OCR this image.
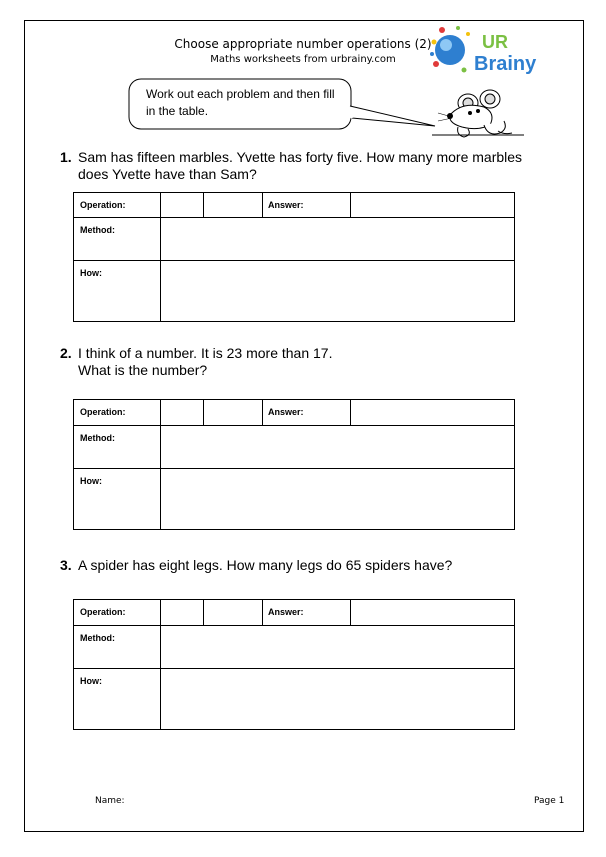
Choose appropriate number operations (2)
Maths worksheets from urbrainy.com
UR
Brainy
Work out each problem and then fill in the table.
1. Sam has fifteen marbles. Yvette has forty five. How many more marbles does Yvette have than Sam?
Operation:	Answer:
Method:
How:
2. I think of a number. It is 23 more than 17.
What is the number?
Operation:	Answer:
Method:
How:
3. A spider has eight legs. How many legs do 65 spiders have?
Operation:	Answer:
Method:
How:
Name:	Page 1
